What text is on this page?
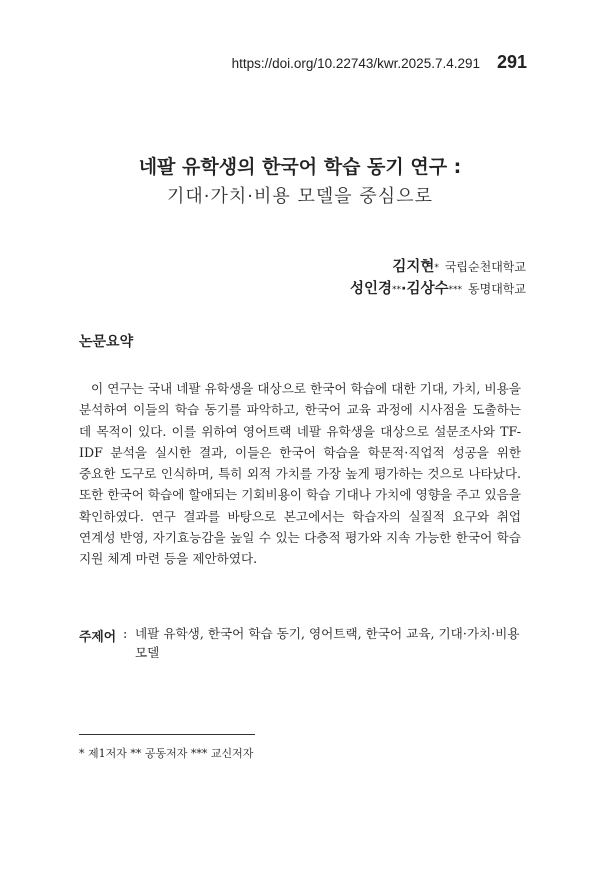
https://doi.org/10.22743/kwr.2025.7.4.291 291
네팔 유학생의 한국어 학습 동기 연구 :
기대·가치·비용 모델을 중심으로
김지현* 국립순천대학교
성인경**·김상수*** 동명대학교
논문요약
이 연구는 국내 네팔 유학생을 대상으로 한국어 학습에 대한 기대, 가치, 비용을 분석하여 이들의 학습 동기를 파악하고, 한국어 교육 과정에 시사점을 도출하는 데 목적이 있다. 이를 위하여 영어트랙 네팔 유학생을 대상으로 설문조사와 TF-IDF 분석을 실시한 결과, 이들은 한국어 학습을 학문적·직업적 성공을 위한 중요한 도구로 인식하며, 특히 외적 가치를 가장 높게 평가하는 것으로 나타났다. 또한 한국어 학습에 할애되는 기회비용이 학습 기대나 가치에 영향을 주고 있음을 확인하였다. 연구 결과를 바탕으로 본고에서는 학습자의 실질적 요구와 취업 연계성 반영, 자기효능감을 높일 수 있는 다층적 평가와 지속 가능한 한국어 학습 지원 체계 마련 등을 제안하였다.
주제어 : 네팔 유학생, 한국어 학습 동기, 영어트랙, 한국어 교육, 기대·가치·비용 모델
* 제1저자 ** 공동저자 *** 교신저자
